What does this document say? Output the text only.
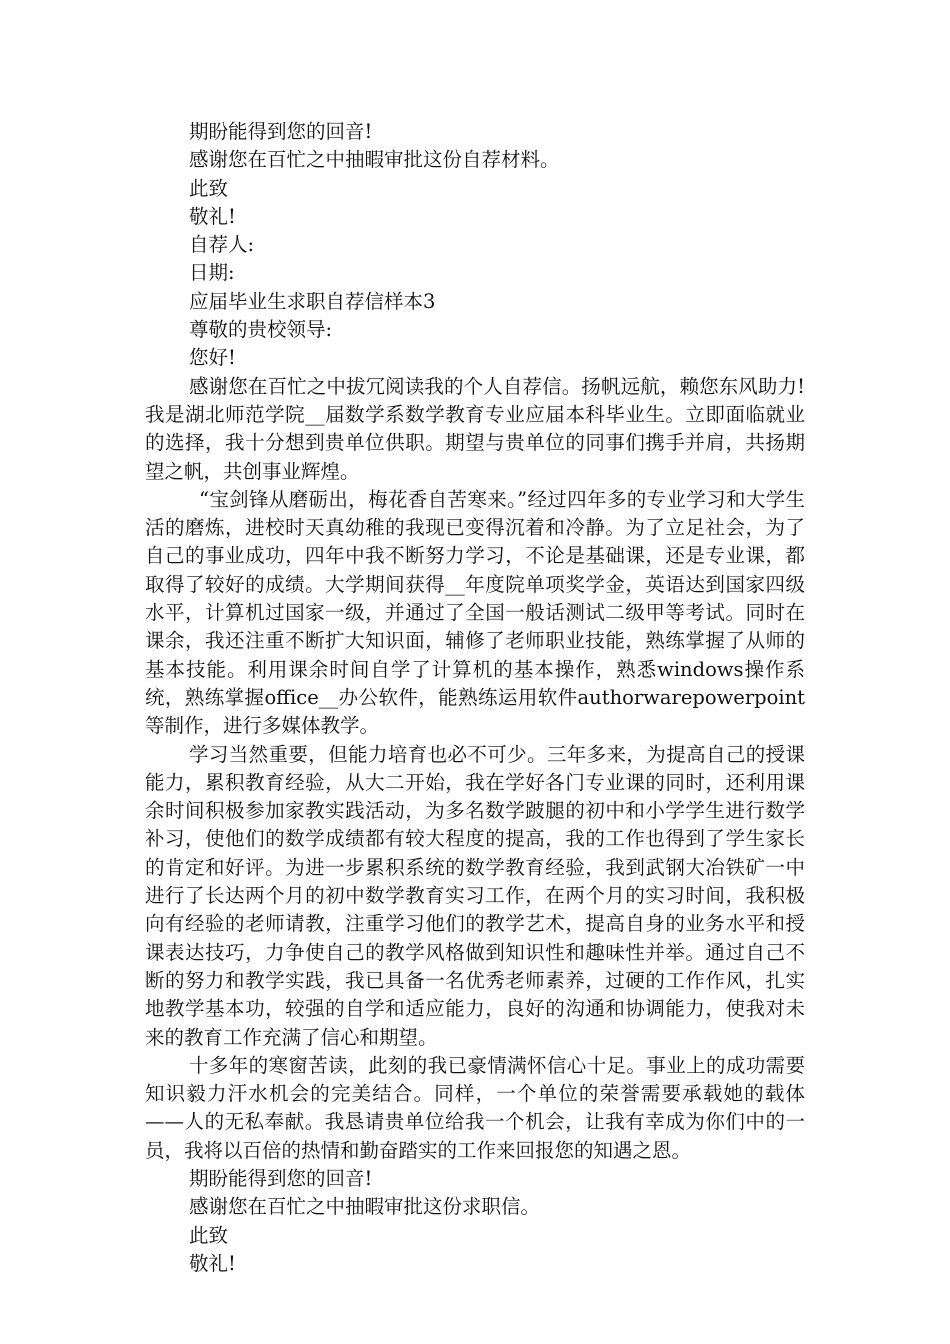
期盼能得到您的回音!

感谢您在百忙之中抽暇审批这份自荐材料。

此致

敬礼!

自荐人:

日期:

应届毕业生求职自荐信样本3

尊敬的贵校领导:

您好!

感谢您在百忙之中拔冗阅读我的个人自荐信。扬帆远航，赖您东风助力!我是湖北师范学院__届数学系数学教育专业应届本科毕业生。立即面临就业的选择，我十分想到贵单位供职。期望与贵单位的同事们携手并肩，共扬期望之帆，共创事业辉煌。

“宝剑锋从磨砺出，梅花香自苦寒来。”经过四年多的专业学习和大学生活的磨炼，进校时天真幼稚的我现已变得沉着和冷静。为了立足社会，为了自己的事业成功，四年中我不断努力学习，不论是基础课，还是专业课，都取得了较好的成绩。大学期间获得__年度院单项奖学金，英语达到国家四级水平，计算机过国家一级，并通过了全国一般话测试二级甲等考试。同时在课余，我还注重不断扩大知识面，辅修了老师职业技能，熟练掌握了从师的基本技能。利用课余时间自学了计算机的基本操作，熟悉windows操作系统，熟练掌握office__办公软件，能熟练运用软件authorwarepowerpoint等制作，进行多媒体教学。

学习当然重要，但能力培育也必不可少。三年多来，为提高自己的授课能力，累积教育经验，从大二开始，我在学好各门专业课的同时，还利用课余时间积极参加家教实践活动，为多名数学跛腿的初中和小学学生进行数学补习，使他们的数学成绩都有较大程度的提高，我的工作也得到了学生家长的肯定和好评。为进一步累积系统的数学教育经验，我到武钢大冶铁矿一中进行了长达两个月的初中数学教育实习工作，在两个月的实习时间，我积极向有经验的老师请教，注重学习他们的教学艺术，提高自身的业务水平和授课表达技巧，力争使自己的教学风格做到知识性和趣味性并举。通过自己不断的努力和教学实践，我已具备一名优秀老师素养，过硬的工作作风，扎实地教学基本功，较强的自学和适应能力，良好的沟通和协调能力，使我对未来的教育工作充满了信心和期望。

十多年的寒窗苦读，此刻的我已豪情满怀信心十足。事业上的成功需要知识毅力汗水机会的完美结合。同样，一个单位的荣誉需要承载她的载体——人的无私奉献。我恳请贵单位给我一个机会，让我有幸成为你们中的一员，我将以百倍的热情和勤奋踏实的工作来回报您的知遇之恩。

期盼能得到您的回音!

感谢您在百忙之中抽暇审批这份求职信。

此致

敬礼!
